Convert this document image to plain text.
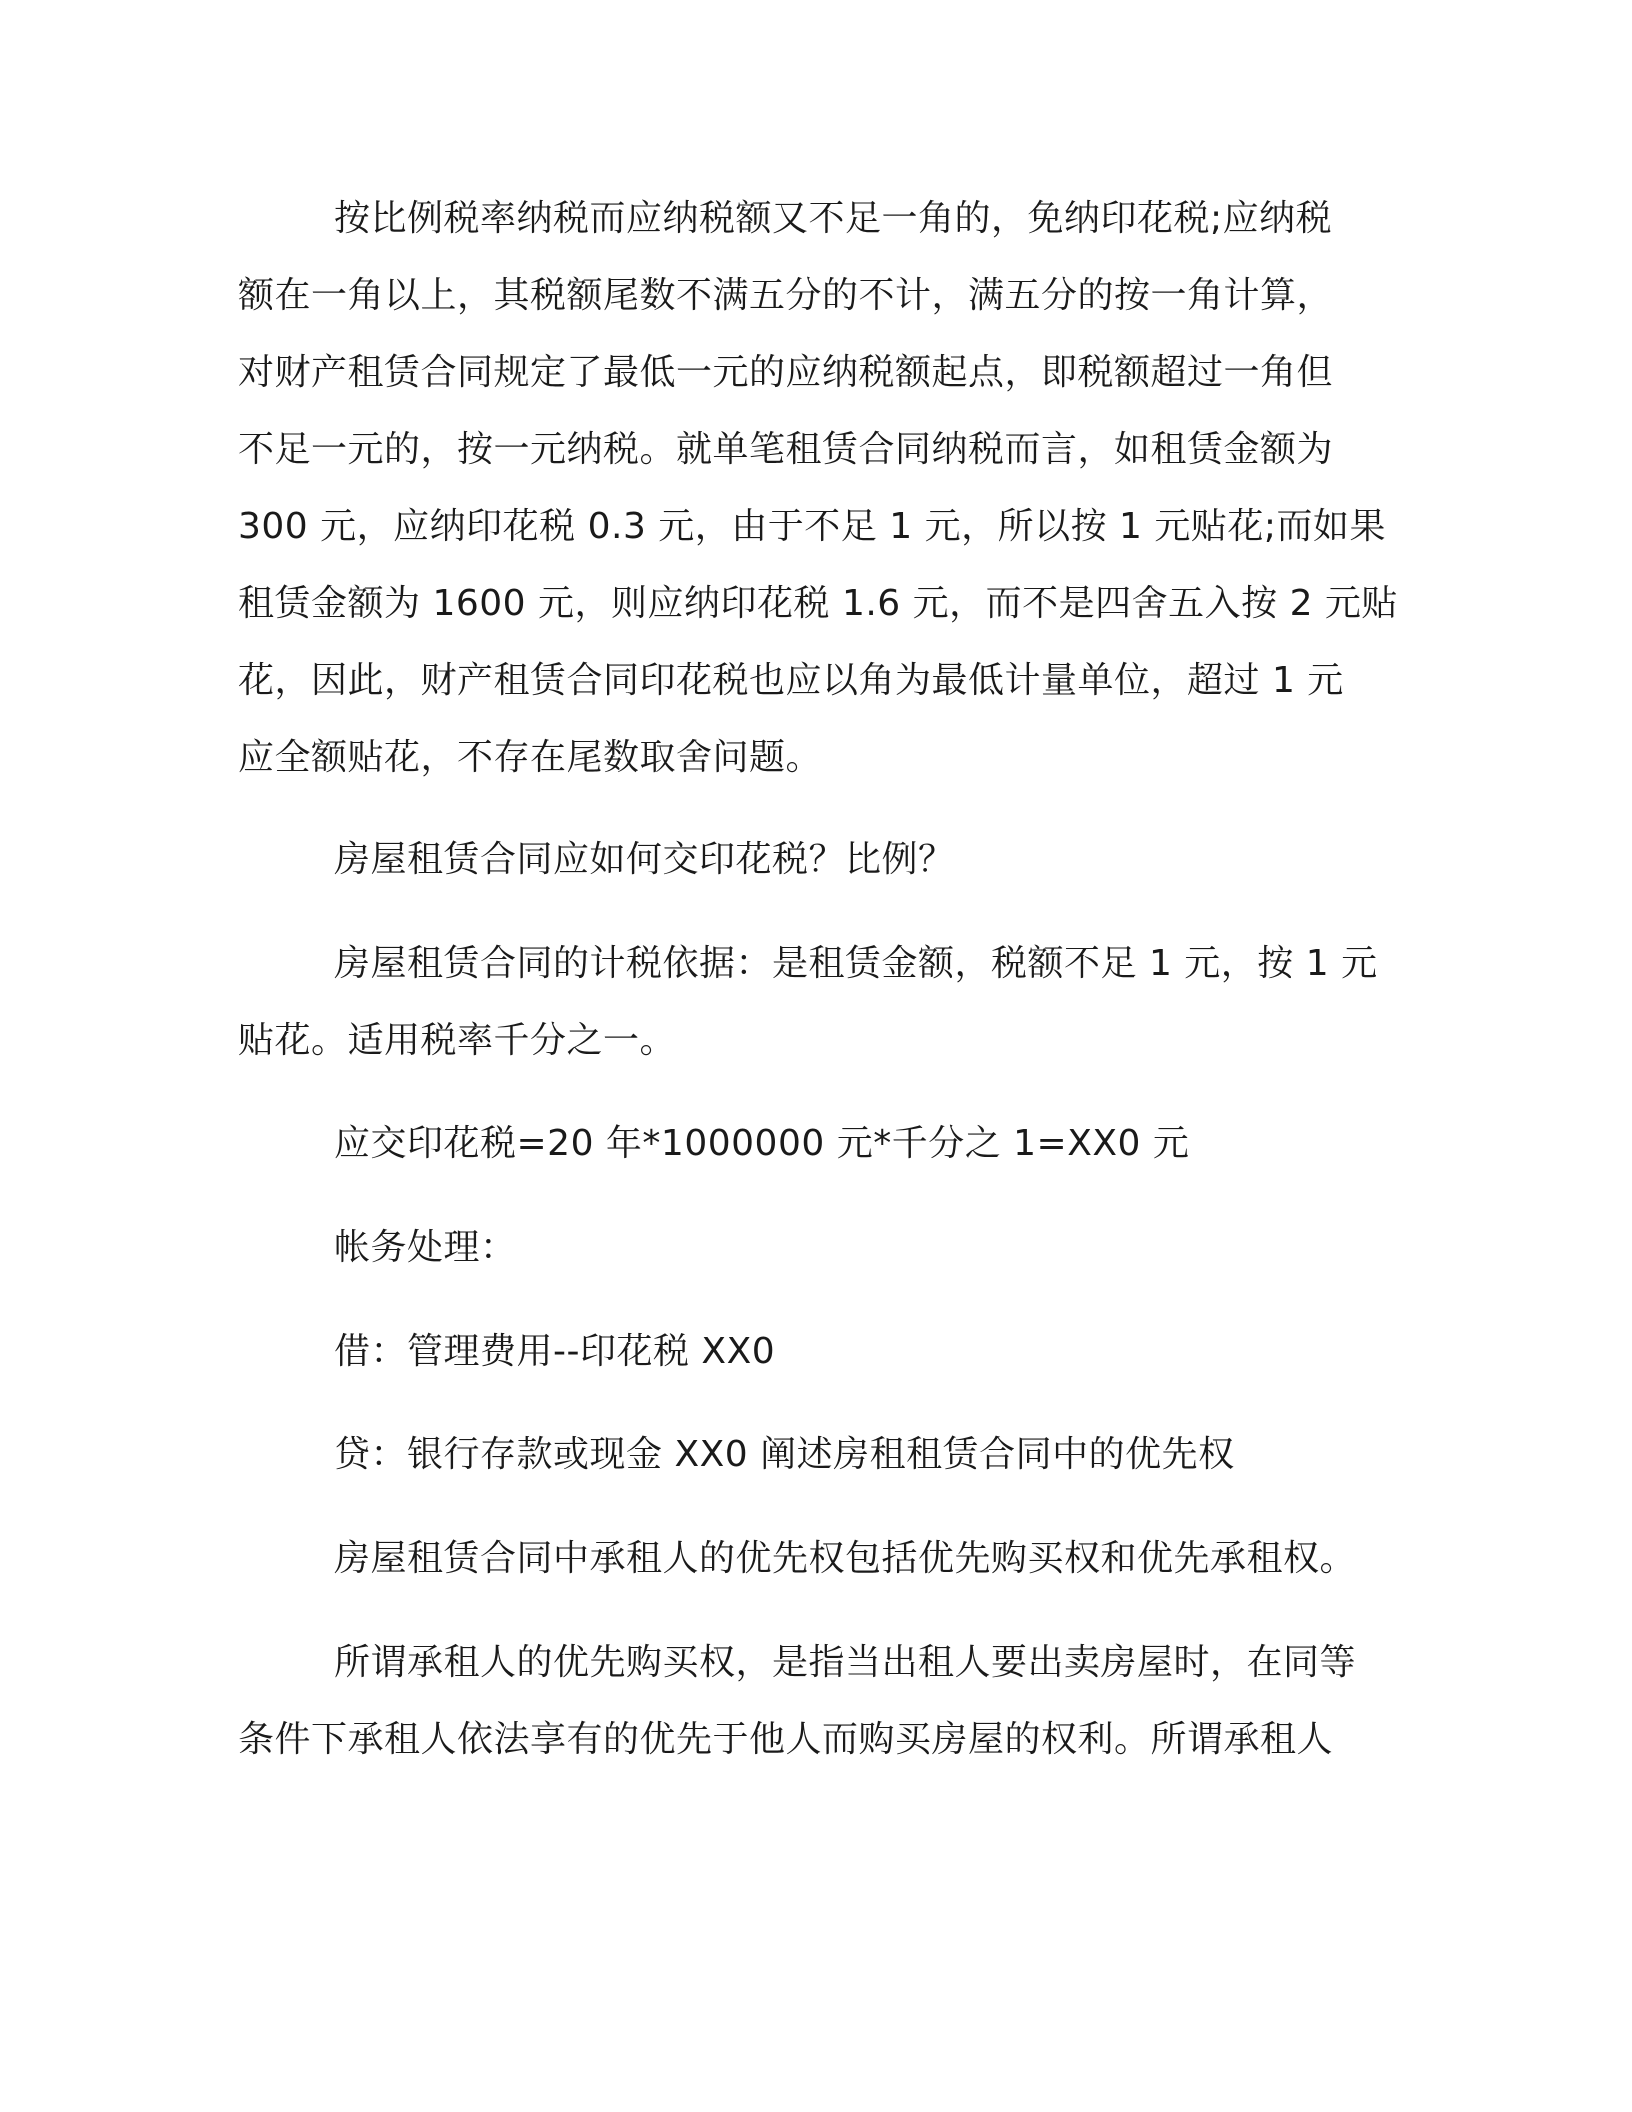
按比例税率纳税而应纳税额又不足一角的，免纳印花税;应纳税
额在一角以上，其税额尾数不满五分的不计，满五分的按一角计算，
对财产租赁合同规定了最低一元的应纳税额起点，即税额超过一角但
不足一元的，按一元纳税。就单笔租赁合同纳税而言，如租赁金额为
300 元，应纳印花税 0.3 元，由于不足 1 元，所以按 1 元贴花;而如果
租赁金额为 1600 元，则应纳印花税 1.6 元，而不是四舍五入按 2 元贴
花，因此，财产租赁合同印花税也应以角为最低计量单位，超过 1 元
应全额贴花，不存在尾数取舍问题。
房屋租赁合同应如何交印花税？比例？
房屋租赁合同的计税依据：是租赁金额，税额不足 1 元，按 1 元
贴花。适用税率千分之一。
应交印花税=20 年*1000000 元*千分之 1=XX0 元
帐务处理：
借：管理费用--印花税 XX0
贷：银行存款或现金 XX0 阐述房租租赁合同中的优先权
房屋租赁合同中承租人的优先权包括优先购买权和优先承租权。
所谓承租人的优先购买权，是指当出租人要出卖房屋时，在同等
条件下承租人依法享有的优先于他人而购买房屋的权利。所谓承租人
